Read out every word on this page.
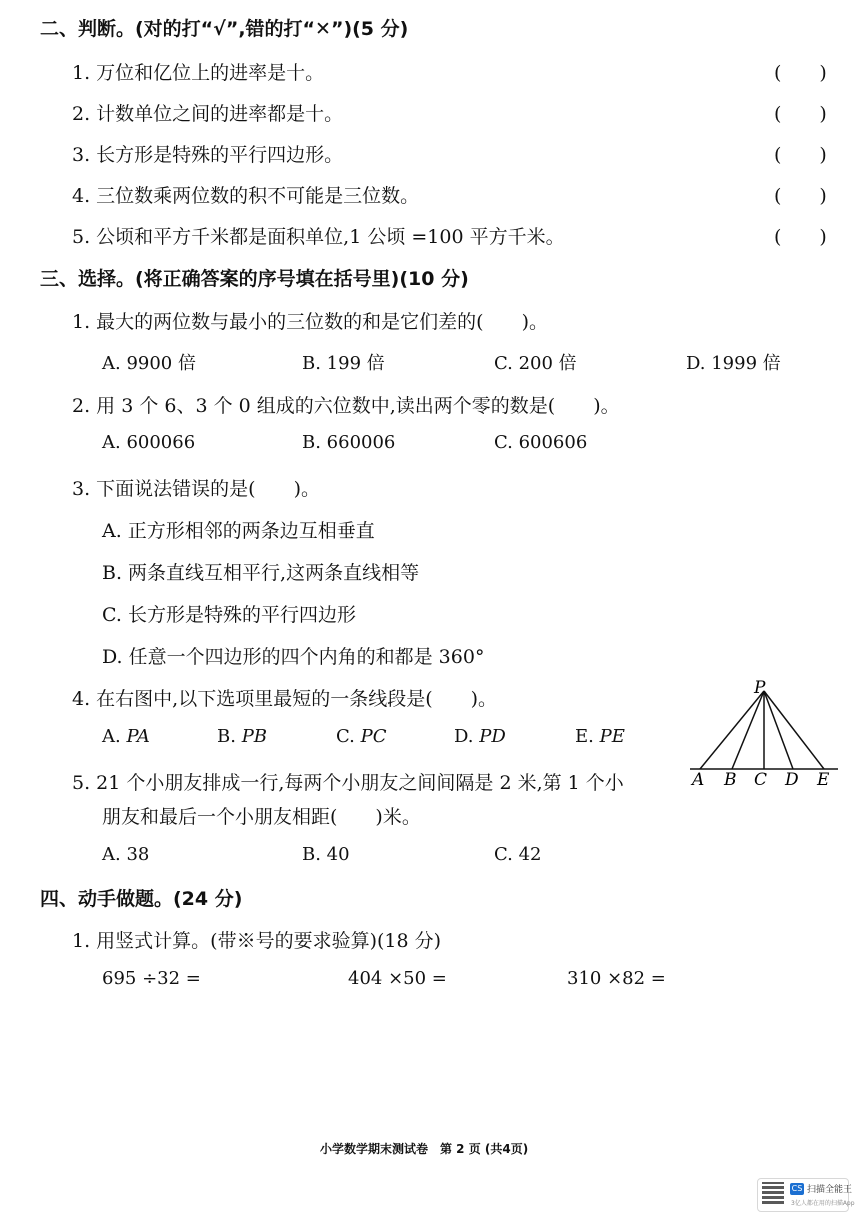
二、判断。(对的打“√”,错的打“✕”)(5 分)
1. 万位和亿位上的进率是十。	(　　)
2. 计数单位之间的进率都是十。	(　　)
3. 长方形是特殊的平行四边形。	(　　)
4. 三位数乘两位数的积不可能是三位数。	(　　)
5. 公顷和平方千米都是面积单位,1 公顷 =100 平方千米。	(　　)
三、选择。(将正确答案的序号填在括号里)(10 分)
1. 最大的两位数与最小的三位数的和是它们差的(　　)。
A. 9900 倍	B. 199 倍	C. 200 倍	D. 1999 倍
2. 用 3 个 6、3 个 0 组成的六位数中,读出两个零的数是(　　)。
A. 600066	B. 660006	C. 600606
3. 下面说法错误的是(　　)。
A. 正方形相邻的两条边互相垂直
B. 两条直线互相平行,这两条直线相等
C. 长方形是特殊的平行四边形
D. 任意一个四边形的四个内角的和都是 360°
4. 在右图中,以下选项里最短的一条线段是(　　)。
A. PA	B. PB	C. PC	D. PD	E. PE
P
A B C D E
5. 21 个小朋友排成一行,每两个小朋友之间间隔是 2 米,第 1 个小
朋友和最后一个小朋友相距(　　)米。
A. 38	B. 40	C. 42
四、动手做题。(24 分)
1. 用竖式计算。(带※号的要求验算)(18 分)
695 ÷32 =	404 ×50 =	310 ×82 =
小学数学期末测试卷　第 2 页 (共4页)
CS 扫描全能王
3亿人都在用的扫描App
